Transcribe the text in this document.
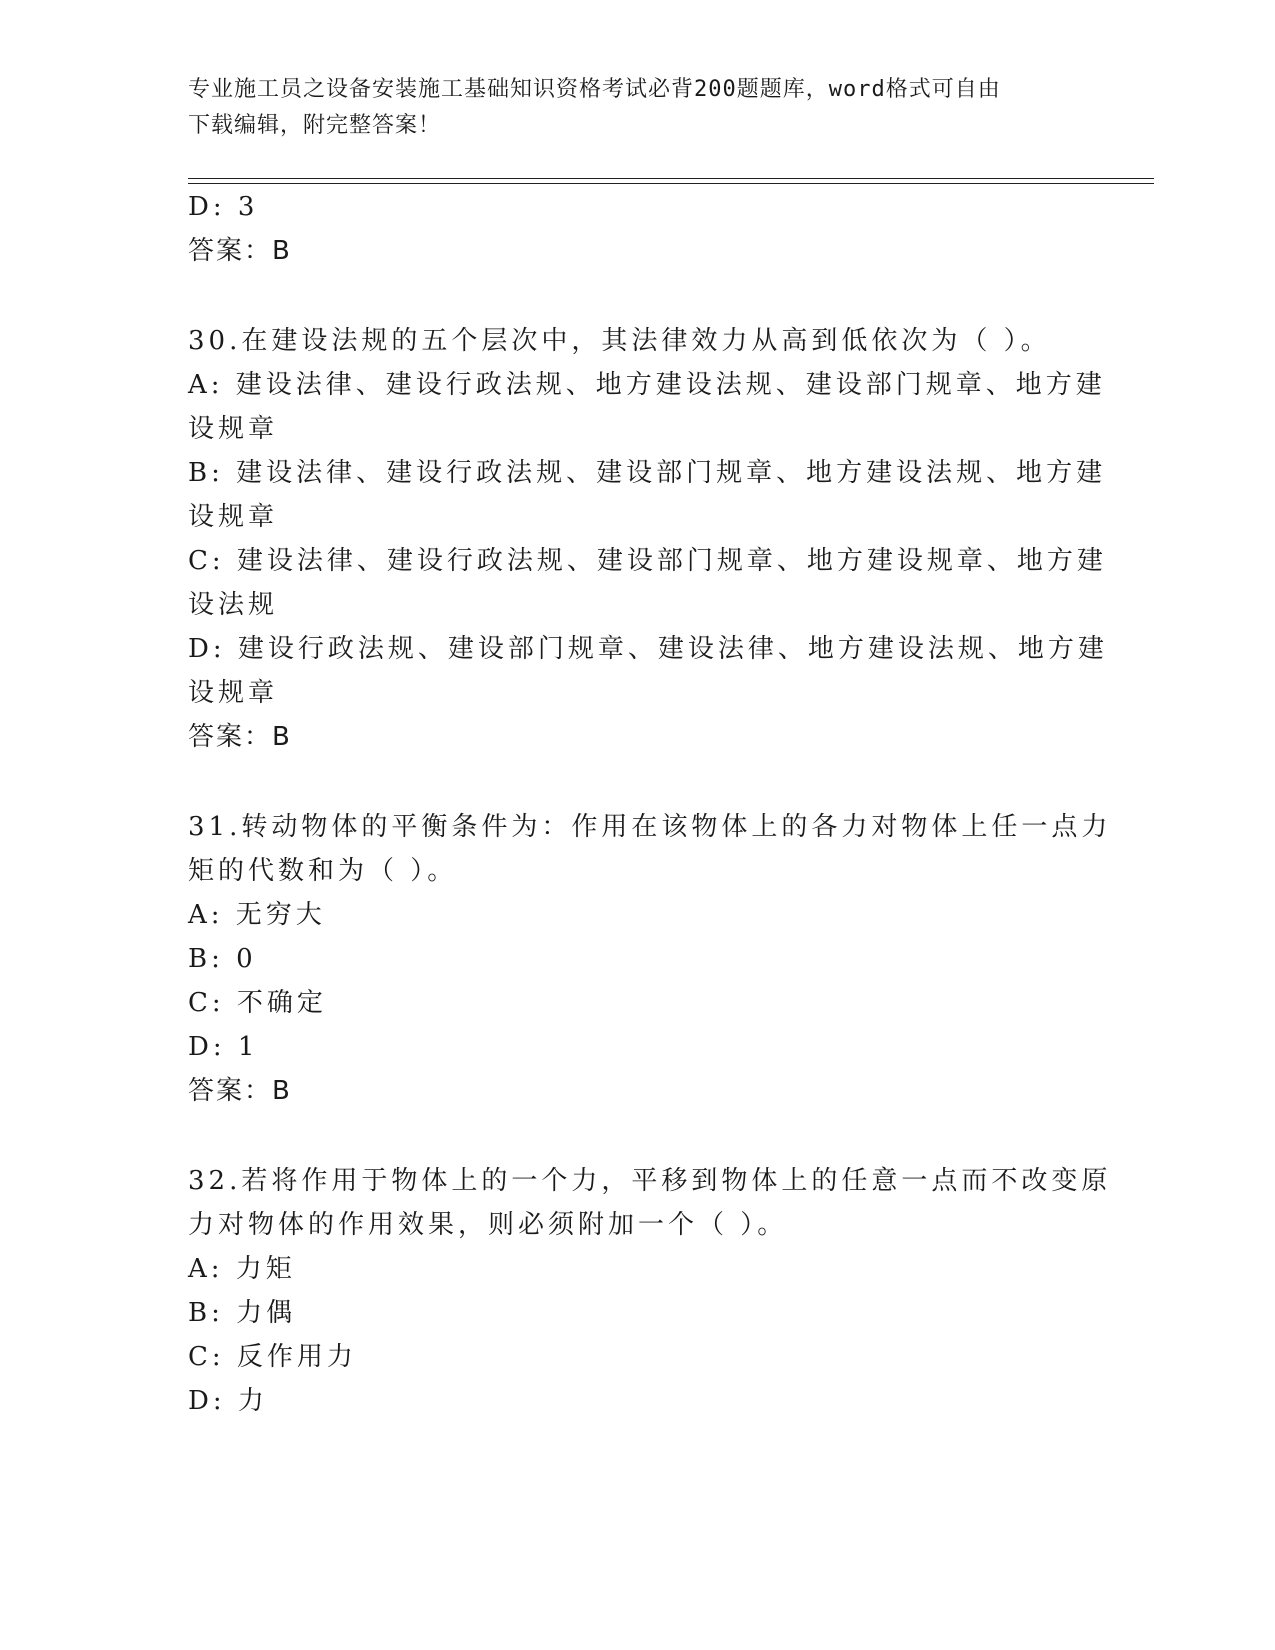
专业施工员之设备安装施工基础知识资格考试必背200题题库，word格式可自由
下载编辑，附完整答案！
D: 3
答案：B
30.在建设法规的五个层次中，其法律效力从高到低依次为（ ）。
A: 建设法律、建设行政法规、地方建设法规、建设部门规章、地方建
设规章
B: 建设法律、建设行政法规、建设部门规章、地方建设法规、地方建
设规章
C: 建设法律、建设行政法规、建设部门规章、地方建设规章、地方建
设法规
D: 建设行政法规、建设部门规章、建设法律、地方建设法规、地方建
设规章
答案：B
31.转动物体的平衡条件为：作用在该物体上的各力对物体上任一点力
矩的代数和为（ ）。
A: 无穷大
B: 0
C: 不确定
D: 1
答案：B
32.若将作用于物体上的一个力，平移到物体上的任意一点而不改变原
力对物体的作用效果，则必须附加一个（ ）。
A: 力矩
B: 力偶
C: 反作用力
D: 力
